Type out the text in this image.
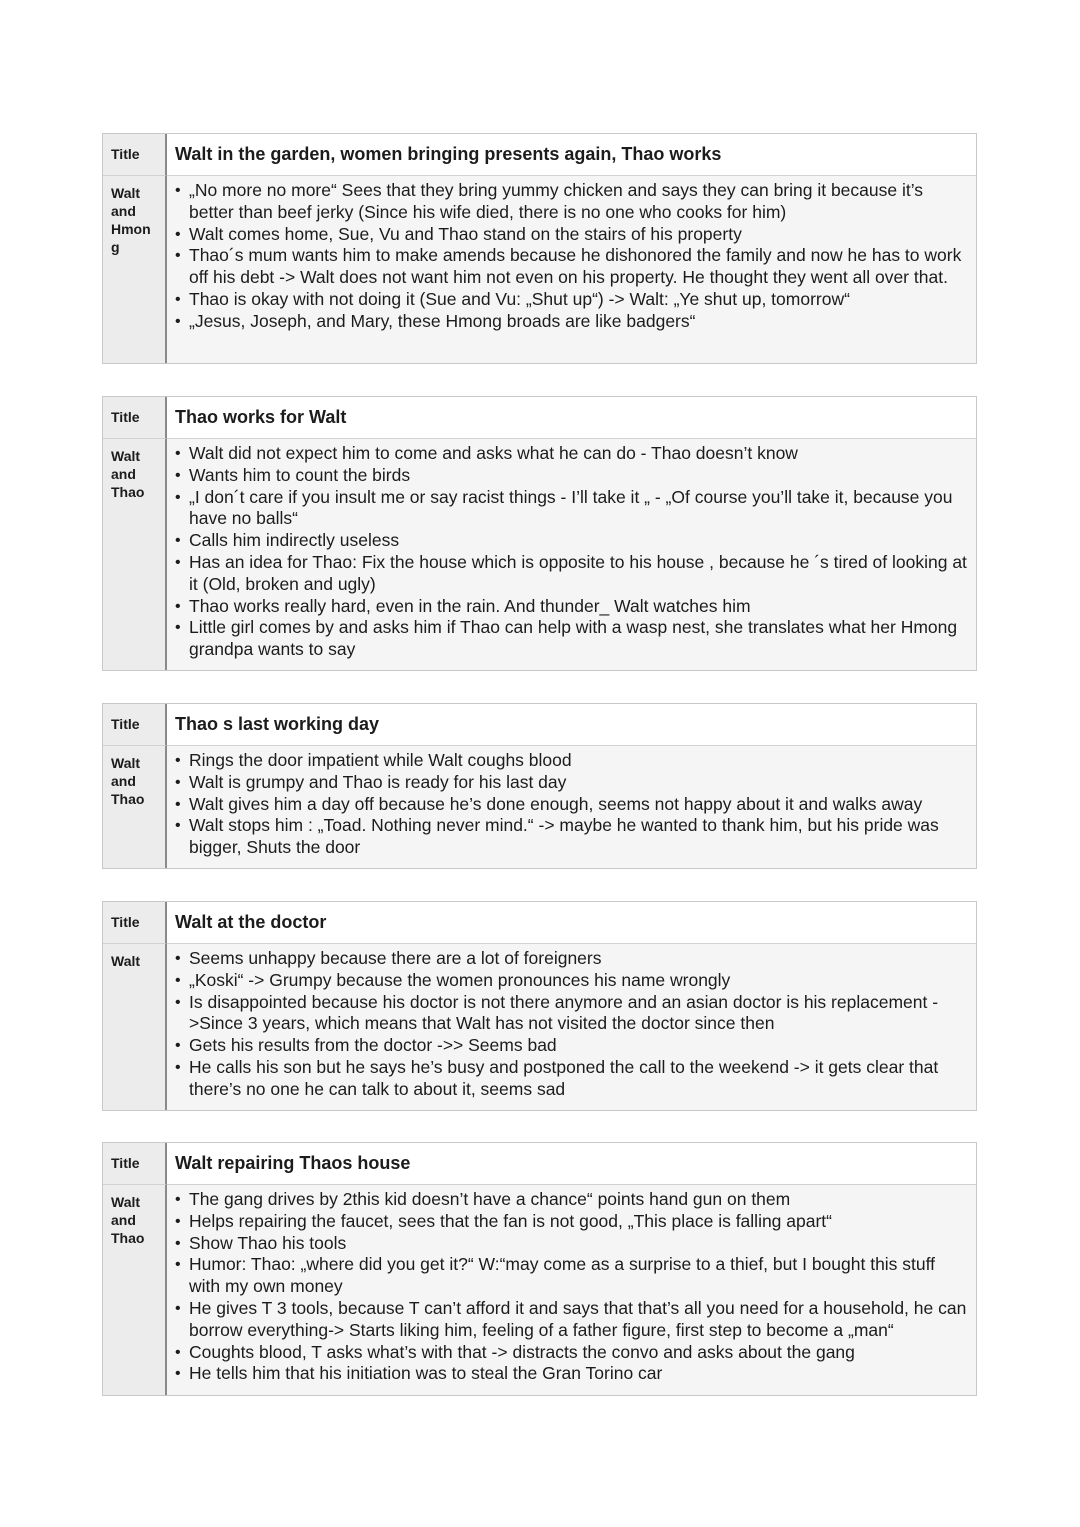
Title	Walt in the garden, women bringing presents again, Thao works
Walt
and
Hmon
g
• „No more no more“ Sees that they bring yummy chicken and says they can bring it because it’s better than beef jerky (Since his wife died, there is no one who cooks for him)
• Walt comes home, Sue, Vu and Thao stand on the stairs of his property
• Thao´s mum wants him to make amends because he dishonored the family and now he has to work off his debt -> Walt does not want him not even on his property. He thought they went all over that.
• Thao is okay with not doing it (Sue and Vu: „Shut up“) -> Walt: „Ye shut up, tomorrow“
• „Jesus, Joseph, and Mary, these Hmong broads are like badgers“
Title	Thao works for Walt
Walt
and
Thao
• Walt did not expect him to come and asks what he can do - Thao doesn’t know
• Wants him to count the birds
• „I don´t care if you insult me or say racist things - I’ll take it „ - „Of course you’ll take it, because you have no balls“
• Calls him indirectly useless
• Has an idea for Thao: Fix the house which is opposite to his house , because he ´s tired of looking at it (Old, broken and ugly)
• Thao works really hard, even in the rain. And thunder_ Walt watches him
• Little girl comes by and asks him if Thao can help with a wasp nest, she translates what her Hmong grandpa wants to say
Title	Thao s last working day
Walt
and
Thao
• Rings the door impatient while Walt coughs blood
• Walt is grumpy and Thao is ready for his last day
• Walt gives him a day off because he’s done enough, seems not happy about it and walks away
• Walt stops him : „Toad. Nothing never mind.“ -> maybe he wanted to thank him, but his pride was bigger, Shuts the door
Title	Walt at the doctor
Walt
•	Seems unhappy because there are a lot of foreigners
• „Koski“ -> Grumpy because the women pronounces his name wrongly
• Is disappointed because his doctor is not there anymore and an asian doctor is his replacement ->Since 3 years, which means that Walt has not visited the doctor since then
• Gets his results from the doctor ->> Seems bad
• He calls his son but he says he’s busy and postponed the call to the weekend -> it gets clear that there’s no one he can talk to about it, seems sad
Title	Walt repairing Thaos house
Walt
and
Thao
• The gang drives by 2this kid doesn’t have a chance“ points hand gun on them
• Helps repairing the faucet, sees that the fan is not good, „This place is falling apart“
• Show Thao his tools
• Humor: Thao: „where did you get it?“ W:“may come as a surprise to a thief, but I bought this stuff with my own money
• He gives T 3 tools, because T can’t afford it and says that that’s all you need for a household, he can borrow everything-> Starts liking him, feeling of a father figure, first step to become a „man“
• Coughts blood, T asks what’s with that -> distracts the convo and asks about the gang
• He tells him that his initiation was to steal the Gran Torino car
